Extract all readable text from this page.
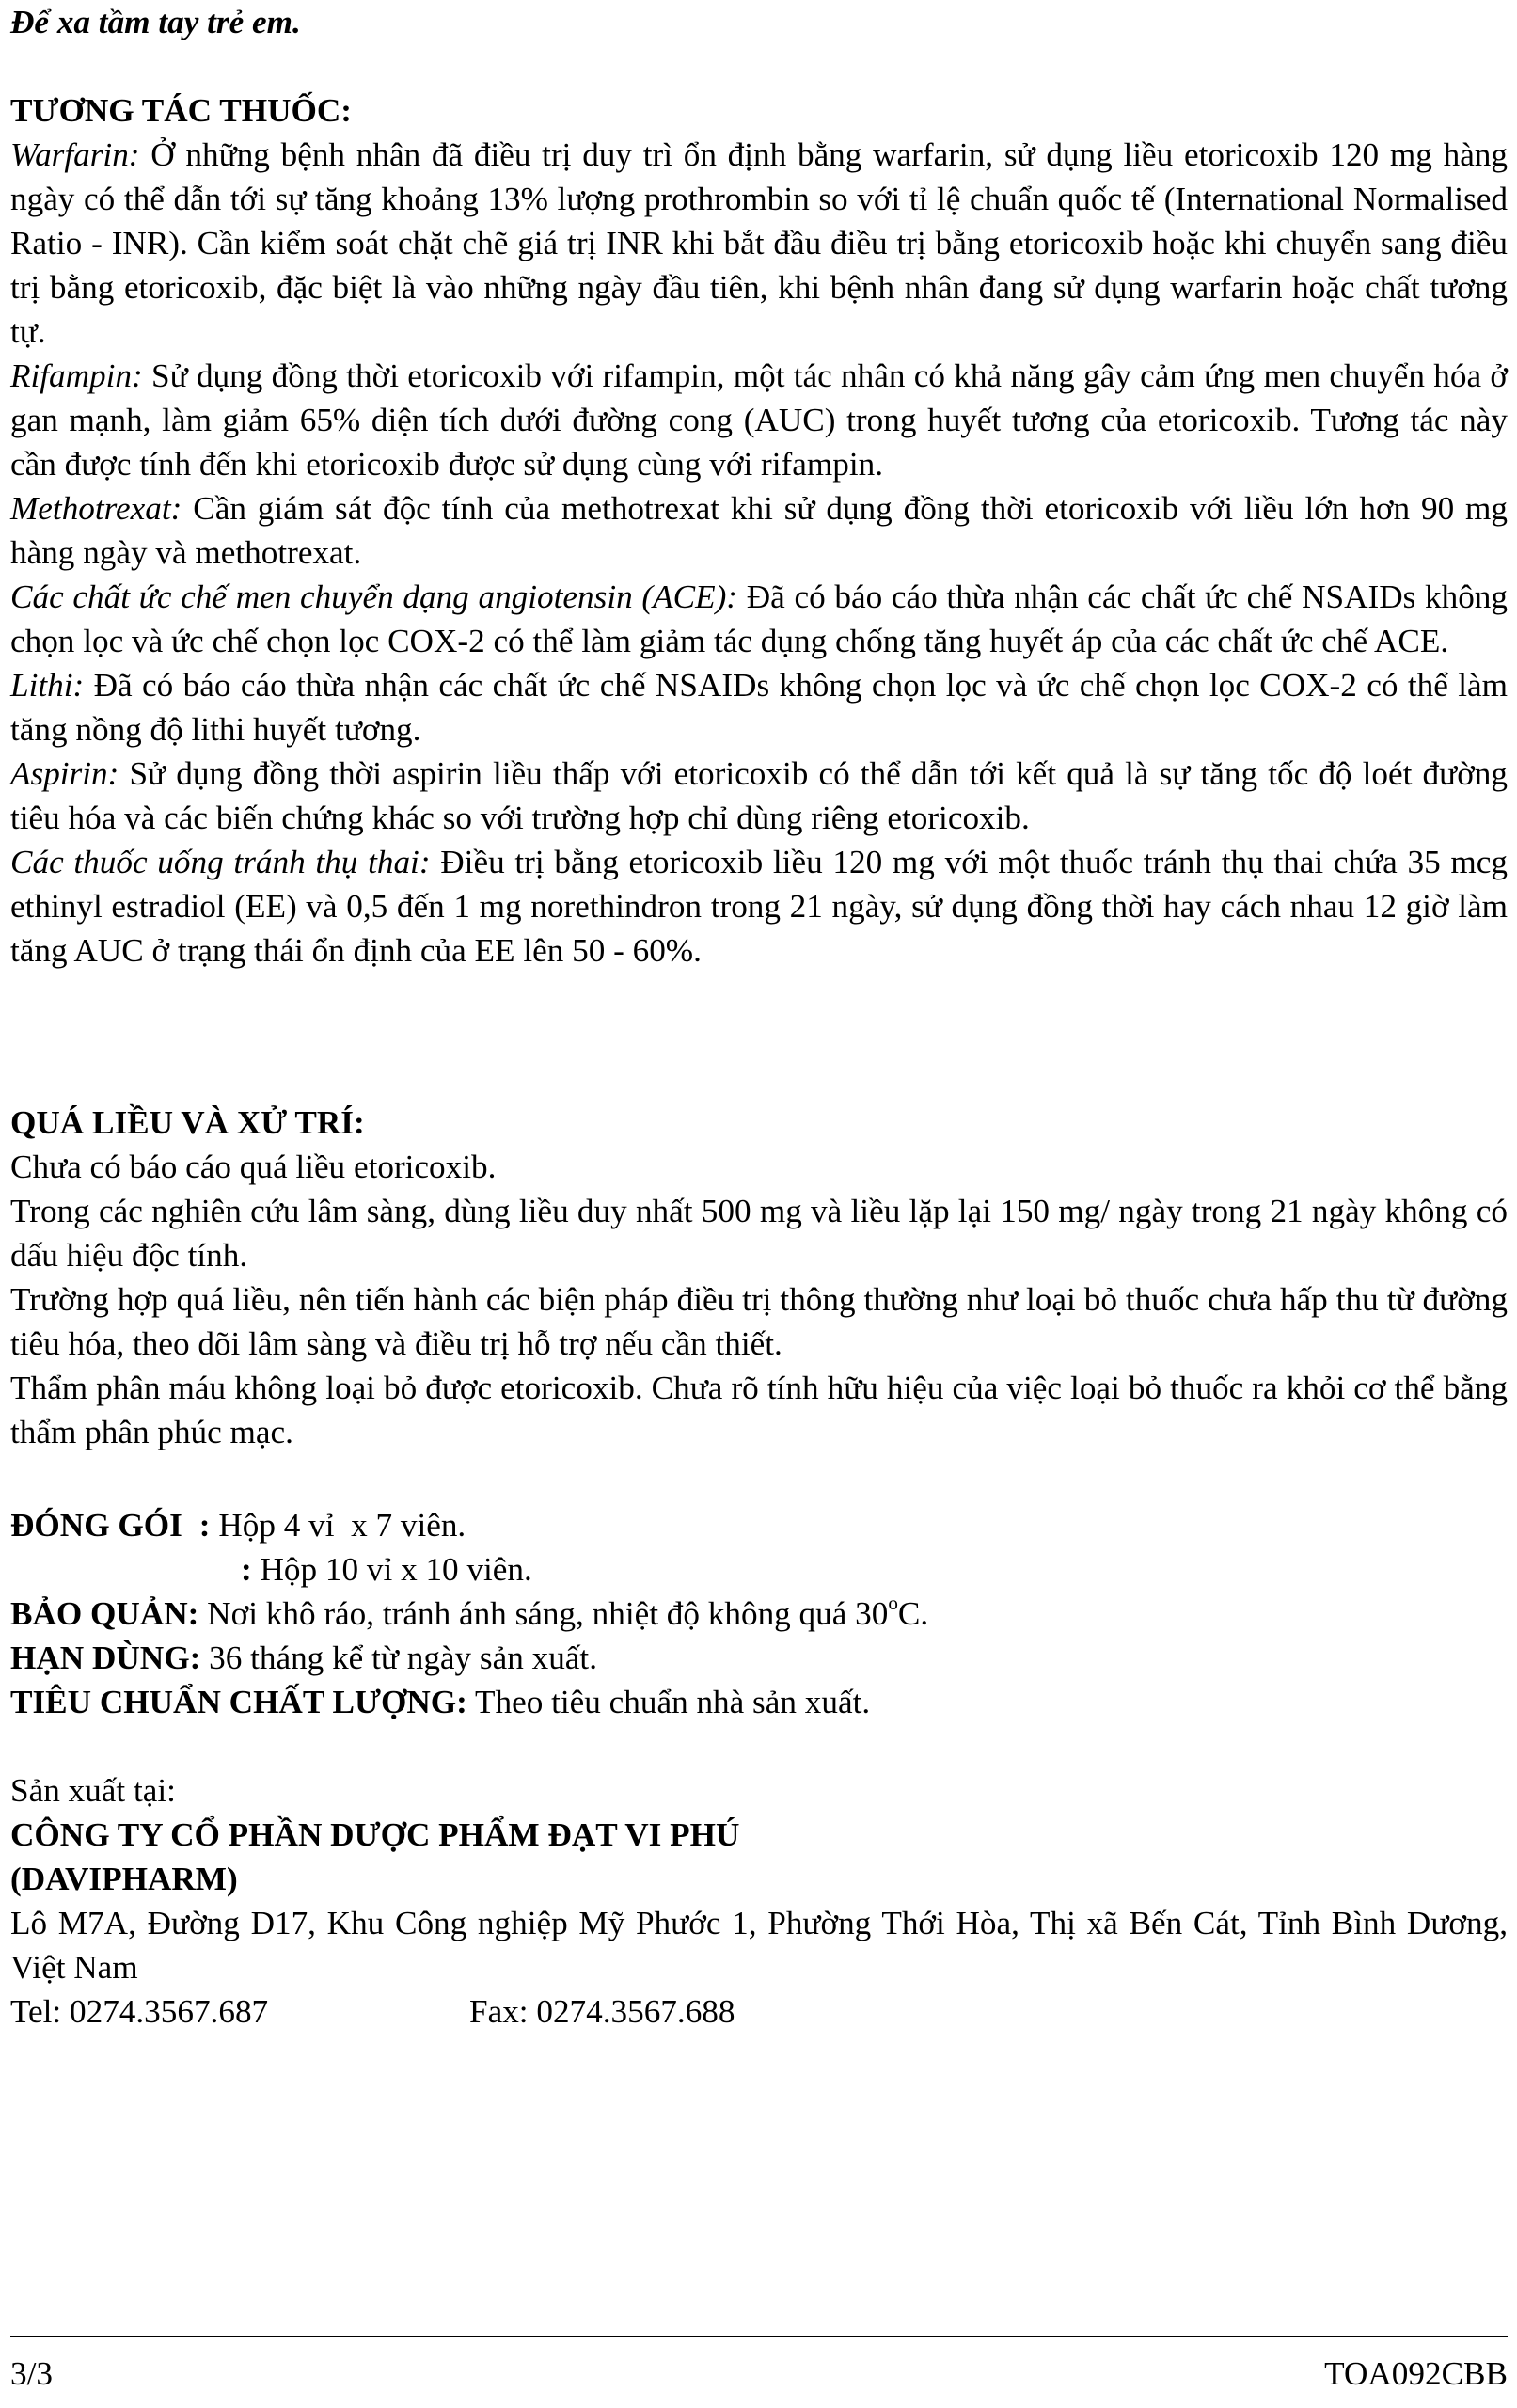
Để xa tầm tay trẻ em.

TƯƠNG TÁC THUỐC:

Warfarin: Ở những bệnh nhân đã điều trị duy trì ổn định bằng warfarin, sử dụng liều etoricoxib 120 mg hàng ngày có thể dẫn tới sự tăng khoảng 13% lượng prothrombin so với tỉ lệ chuẩn quốc tế (International Normalised Ratio - INR). Cần kiểm soát chặt chẽ giá trị INR khi bắt đầu điều trị bằng etoricoxib hoặc khi chuyển sang điều trị bằng etoricoxib, đặc biệt là vào những ngày đầu tiên, khi bệnh nhân đang sử dụng warfarin hoặc chất tương tự.

Rifampin: Sử dụng đồng thời etoricoxib với rifampin, một tác nhân có khả năng gây cảm ứng men chuyển hóa ở gan mạnh, làm giảm 65% diện tích dưới đường cong (AUC) trong huyết tương của etoricoxib. Tương tác này cần được tính đến khi etoricoxib được sử dụng cùng với rifampin.

Methotrexat: Cần giám sát độc tính của methotrexat khi sử dụng đồng thời etoricoxib với liều lớn hơn 90 mg hàng ngày và methotrexat.

Các chất ức chế men chuyển dạng angiotensin (ACE): Đã có báo cáo thừa nhận các chất ức chế NSAIDs không chọn lọc và ức chế chọn lọc COX-2 có thể làm giảm tác dụng chống tăng huyết áp của các chất ức chế ACE.

Lithi: Đã có báo cáo thừa nhận các chất ức chế NSAIDs không chọn lọc và ức chế chọn lọc COX-2 có thể làm tăng nồng độ lithi huyết tương.

Aspirin: Sử dụng đồng thời aspirin liều thấp với etoricoxib có thể dẫn tới kết quả là sự tăng tốc độ loét đường tiêu hóa và các biến chứng khác so với trường hợp chỉ dùng riêng etoricoxib.

Các thuốc uống tránh thụ thai: Điều trị bằng etoricoxib liều 120 mg với một thuốc tránh thụ thai chứa 35 mcg ethinyl estradiol (EE) và 0,5 đến 1 mg norethindron trong 21 ngày, sử dụng đồng thời hay cách nhau 12 giờ làm tăng AUC ở trạng thái ổn định của EE lên 50 - 60%.

QUÁ LIỀU VÀ XỬ TRÍ:

Chưa có báo cáo quá liều etoricoxib.

Trong các nghiên cứu lâm sàng, dùng liều duy nhất 500 mg và liều lặp lại 150 mg/ ngày trong 21 ngày không có dấu hiệu độc tính.

Trường hợp quá liều, nên tiến hành các biện pháp điều trị thông thường như loại bỏ thuốc chưa hấp thu từ đường tiêu hóa, theo dõi lâm sàng và điều trị hỗ trợ nếu cần thiết.

Thẩm phân máu không loại bỏ được etoricoxib. Chưa rõ tính hữu hiệu của việc loại bỏ thuốc ra khỏi cơ thể bằng thẩm phân phúc mạc.

ĐÓNG GÓI : Hộp 4 vỉ  x 7 viên.

: Hộp 10 vỉ x 10 viên.

BẢO QUẢN: Nơi khô ráo, tránh ánh sáng, nhiệt độ không quá 30$^o$C.

HẠN DÙNG: 36 tháng kể từ ngày sản xuất.

TIÊU CHUẨN CHẤT LƯỢNG: Theo tiêu chuẩn nhà sản xuất.

Sản xuất tại:

CÔNG TY CỔ PHẦN DƯỢC PHẨM ĐẠT VI PHÚ

(DAVIPHARM)

Lô M7A, Đường D17, Khu Công nghiệp Mỹ Phước 1, Phường Thới Hòa, Thị xã Bến Cát, Tỉnh Bình Dương, Việt Nam

Tel: 0274.3567.687	Fax: 0274.3567.688
3/3	TOA092CBB
